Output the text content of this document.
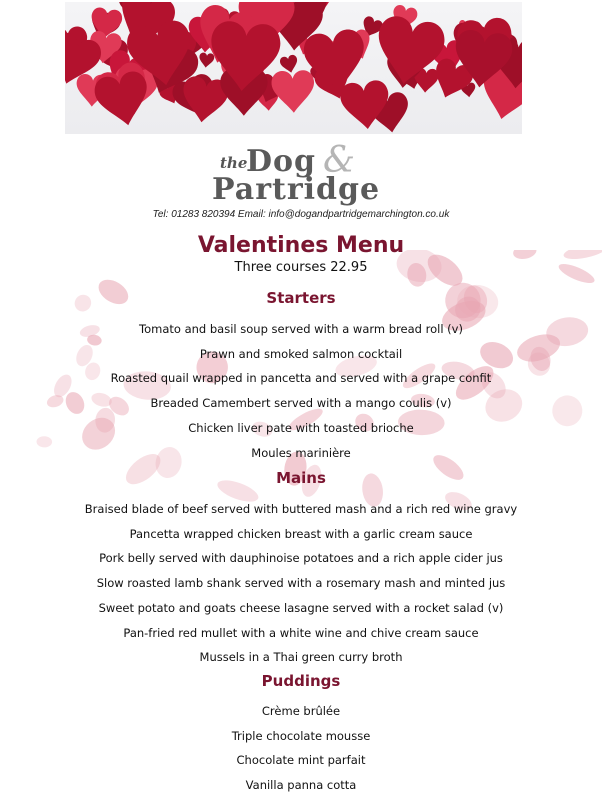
the
Dog &
Partridge
Tel: 01283 820394 Email: info@dogandpartridgemarchington.co.uk
Valentines Menu
Three courses 22.95
Starters
Tomato and basil soup served with a warm bread roll (v)
Prawn and smoked salmon cocktail
Roasted quail wrapped in pancetta and served with a grape confit
Breaded Camembert served with a mango coulis (v)
Chicken liver pate with toasted brioche
Moules marinière
Mains
Braised blade of beef served with buttered mash and a rich red wine gravy
Pancetta wrapped chicken breast with a garlic cream sauce
Pork belly served with dauphinoise potatoes and a rich apple cider jus
Slow roasted lamb shank served with a rosemary mash and minted jus
Sweet potato and goats cheese lasagne served with a rocket salad (v)
Pan-fried red mullet with a white wine and chive cream sauce
Mussels in a Thai green curry broth
Puddings
Crème brûlée
Triple chocolate mousse
Chocolate mint parfait
Vanilla panna cotta
